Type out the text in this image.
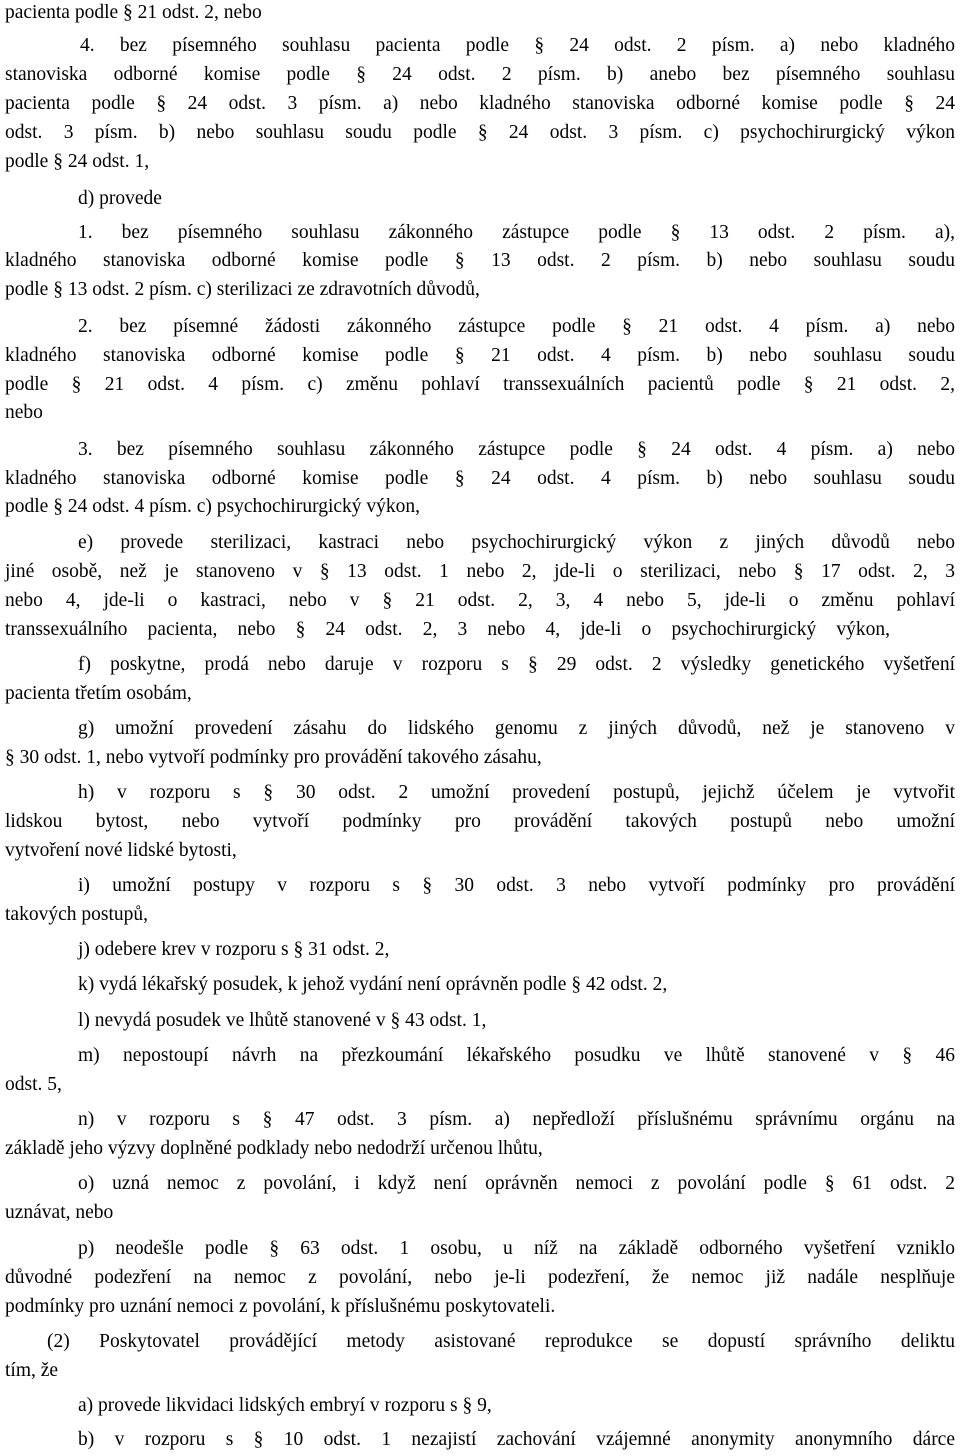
pacienta podle § 21 odst. 2, nebo
4. bez písemného souhlasu pacienta podle § 24 odst. 2 písm. a) nebo kladného
stanoviska odborné komise podle § 24 odst. 2 písm. b) anebo bez písemného souhlasu
pacienta podle § 24 odst. 3 písm. a) nebo kladného stanoviska odborné komise podle § 24
odst. 3 písm. b) nebo souhlasu soudu podle § 24 odst. 3 písm. c) psychochirurgický výkon
podle § 24 odst. 1,
d) provede
1. bez písemného souhlasu zákonného zástupce podle § 13 odst. 2 písm. a),
kladného stanoviska odborné komise podle § 13 odst. 2 písm. b) nebo souhlasu soudu
podle § 13 odst. 2 písm. c) sterilizaci ze zdravotních důvodů,
2. bez písemné žádosti zákonného zástupce podle § 21 odst. 4 písm. a) nebo
kladného stanoviska odborné komise podle § 21 odst. 4 písm. b) nebo souhlasu soudu
podle § 21 odst. 4 písm. c) změnu pohlaví transsexuálních pacientů podle § 21 odst. 2,
nebo
3. bez písemného souhlasu zákonného zástupce podle § 24 odst. 4 písm. a) nebo
kladného stanoviska odborné komise podle § 24 odst. 4 písm. b) nebo souhlasu soudu
podle § 24 odst. 4 písm. c) psychochirurgický výkon,
e) provede sterilizaci, kastraci nebo psychochirurgický výkon z jiných důvodů nebo
jiné osobě, než je stanoveno v § 13 odst. 1 nebo 2, jde-li o sterilizaci, nebo § 17 odst. 2, 3
nebo 4, jde-li o kastraci, nebo v § 21 odst. 2, 3, 4 nebo 5, jde-li o změnu pohlaví
transsexuálního pacienta, nebo § 24 odst. 2, 3 nebo 4, jde-li o psychochirurgický výkon,
f) poskytne, prodá nebo daruje v rozporu s § 29 odst. 2 výsledky genetického vyšetření
pacienta třetím osobám,
g) umožní provedení zásahu do lidského genomu z jiných důvodů, než je stanoveno v
§ 30 odst. 1, nebo vytvoří podmínky pro provádění takového zásahu,
h) v rozporu s § 30 odst. 2 umožní provedení postupů, jejichž účelem je vytvořit
lidskou bytost, nebo vytvoří podmínky pro provádění takových postupů nebo umožní
vytvoření nové lidské bytosti,
i) umožní postupy v rozporu s § 30 odst. 3 nebo vytvoří podmínky pro provádění
takových postupů,
j) odebere krev v rozporu s § 31 odst. 2,
k) vydá lékařský posudek, k jehož vydání není oprávněn podle § 42 odst. 2,
l) nevydá posudek ve lhůtě stanovené v § 43 odst. 1,
m) nepostoupí návrh na přezkoumání lékařského posudku ve lhůtě stanovené v § 46
odst. 5,
n) v rozporu s § 47 odst. 3 písm. a) nepředloží příslušnému správnímu orgánu na
základě jeho výzvy doplněné podklady nebo nedodrží určenou lhůtu,
o) uzná nemoc z povolání, i když není oprávněn nemoci z povolání podle § 61 odst. 2
uznávat, nebo
p) neodešle podle § 63 odst. 1 osobu, u níž na základě odborného vyšetření vzniklo
důvodné podezření na nemoc z povolání, nebo je-li podezření, že nemoc již nadále nesplňuje
podmínky pro uznání nemoci z povolání, k příslušnému poskytovateli.
(2) Poskytovatel provádějící metody asistované reprodukce se dopustí správního deliktu
tím, že
a) provede likvidaci lidských embryí v rozporu s § 9,
b) v rozporu s § 10 odst. 1 nezajistí zachování vzájemné anonymity anonymního dárce
